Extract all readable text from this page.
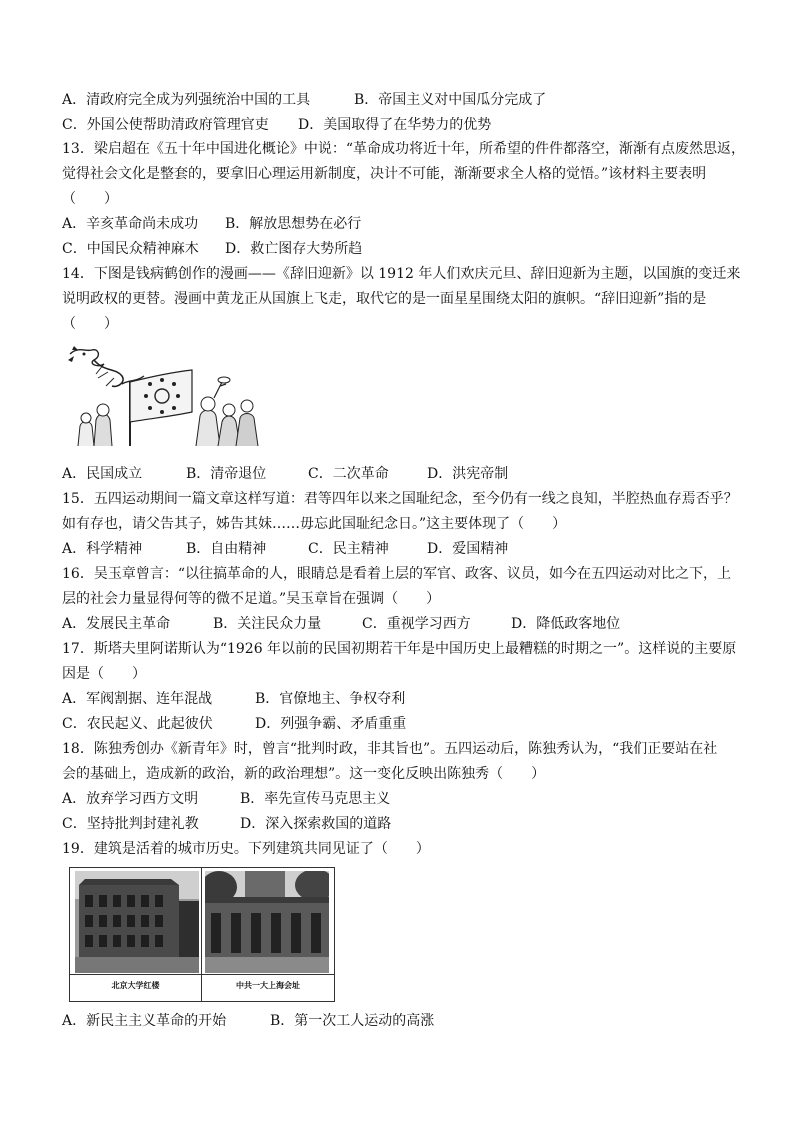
A．清政府完全成为列强统治中国的工具	B．帝国主义对中国瓜分完成了
C．外国公使帮助清政府管理官吏 D．美国取得了在华势力的优势
13．梁启超在《五十年中国进化概论》中说：“革命成功将近十年，所希望的件件都落空，渐渐有点废然思返，
觉得社会文化是整套的，要拿旧心理运用新制度，决计不可能，渐渐要求全人格的觉悟。”该材料主要表明
（　　）
A．辛亥革命尚未成功 B．解放思想势在必行
C．中国民众精神麻木 D．救亡图存大势所趋
14．下图是钱病鹤创作的漫画——《辞旧迎新》以 1912 年人们欢庆元旦、辞旧迎新为主题，以国旗的变迁来
说明政权的更替。漫画中黄龙正从国旗上飞走，取代它的是一面星星围绕太阳的旗帜。“辞旧迎新”指的是
（　　）
A．民国成立	B．清帝退位	C．二次革命	D．洪宪帝制
15．五四运动期间一篇文章这样写道：君等四年以来之国耻纪念，至今仍有一线之良知，半腔热血存焉否乎？
如有存也，请父告其子，姊告其妹……毋忘此国耻纪念日。”这主要体现了（　　）
A．科学精神	B．自由精神	C．民主精神	D．爱国精神
16．吴玉章曾言：“以往搞革命的人，眼睛总是看着上层的军官、政客、议员，如今在五四运动对比之下，上
层的社会力量显得何等的微不足道。”吴玉章旨在强调（　　）
A．发展民主革命	B．关注民众力量	C．重视学习西方	D．降低政客地位
17．斯塔夫里阿诺斯认为“1926 年以前的民国初期若干年是中国历史上最糟糕的时期之一”。这样说的主要原
因是（　　）
A．军阀割据、连年混战	B．官僚地主、争权夺利
C．农民起义、此起彼伏	D．列强争霸、矛盾重重
18．陈独秀创办《新青年》时，曾言“批判时政，非其旨也”。五四运动后，陈独秀认为，“我们正要站在社
会的基础上，造成新的政治，新的政治理想”。这一变化反映出陈独秀（　　）
A．放弃学习西方文明	B．率先宣传马克思主义
C．坚持批判封建礼教	D．深入探索救国的道路
19．建筑是活着的城市历史。下列建筑共同见证了（　　）
北京大学红楼	中共一大上海会址
A．新民主主义革命的开始	B．第一次工人运动的高涨
